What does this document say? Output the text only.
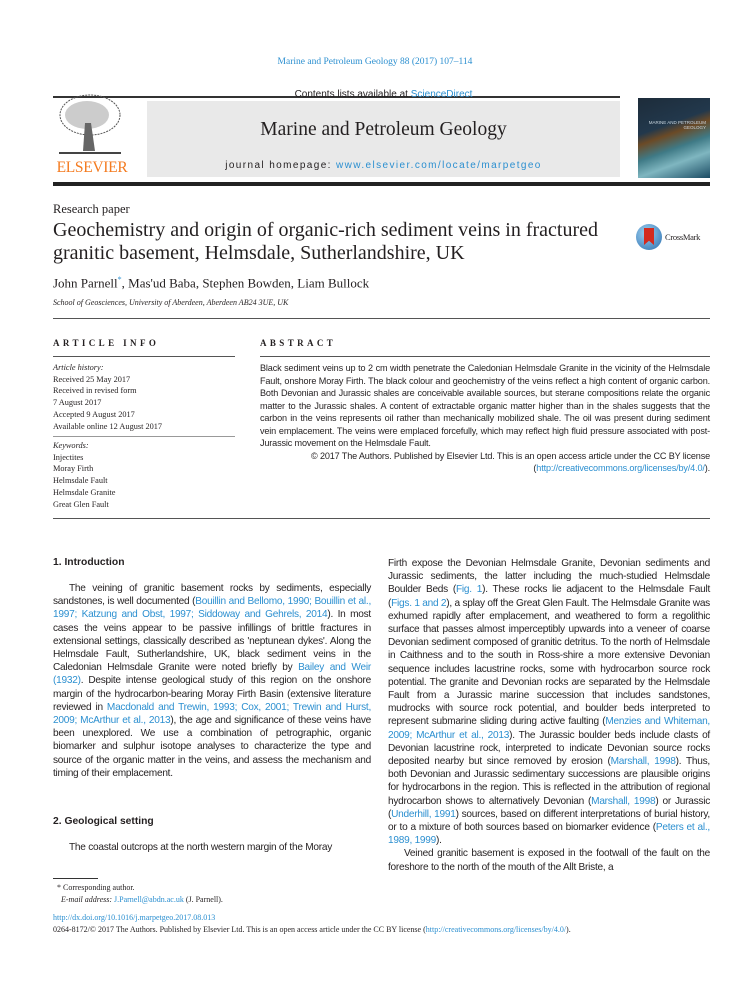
Marine and Petroleum Geology 88 (2017) 107–114
ELSEVIER
Contents lists available at ScienceDirect
Marine and Petroleum Geology
journal homepage: www.elsevier.com/locate/marpetgeo
MARINE AND PETROLEUM GEOLOGY
Research paper
Geochemistry and origin of organic-rich sediment veins in fractured granitic basement, Helmsdale, Sutherlandshire, UK
CrossMark
John Parnell*, Mas'ud Baba, Stephen Bowden, Liam Bullock
School of Geosciences, University of Aberdeen, Aberdeen AB24 3UE, UK
ARTICLE INFO	ABSTRACT
Article history:
Received 25 May 2017
Received in revised form
7 August 2017
Accepted 9 August 2017
Available online 12 August 2017
Keywords:
Injectites
Moray Firth
Helmsdale Fault
Helmsdale Granite
Great Glen Fault
Black sediment veins up to 2 cm width penetrate the Caledonian Helmsdale Granite in the vicinity of the Helmsdale Fault, onshore Moray Firth. The black colour and geochemistry of the veins reflect a high content of organic carbon. Both Devonian and Jurassic shales are conceivable available sources, but sterane compositions relate the organic matter to the Jurassic shales. A content of extractable organic matter higher than in the shales suggests that the carbon in the veins represents oil rather than mechanically mobilized shale. The oil was present during sediment vein emplacement. The veins were emplaced forcefully, which may reflect high fluid pressure associated with post-Jurassic movement on the Helmsdale Fault.
© 2017 The Authors. Published by Elsevier Ltd. This is an open access article under the CC BY license (http://creativecommons.org/licenses/by/4.0/).
1. Introduction

The veining of granitic basement rocks by sediments, especially sandstones, is well documented (Bouillin and Bellomo, 1990; Bouillin et al., 1997; Katzung and Obst, 1997; Siddoway and Gehrels, 2014). In most cases the veins appear to be passive infillings of brittle fractures in extensional settings, classically described as 'neptunean dykes'. Along the Helmsdale Fault, Sutherlandshire, UK, black sediment veins in the Caledonian Helmsdale Granite were noted briefly by Bailey and Weir (1932). Despite intense geological study of this region on the onshore margin of the hydrocarbon-bearing Moray Firth Basin (extensive literature reviewed in Macdonald and Trewin, 1993; Cox, 2001; Trewin and Hurst, 2009; McArthur et al., 2013), the age and significance of these veins have been unexplored. We use a combination of petrographic, organic biomarker and sulphur isotope analyses to characterize the type and source of the organic matter in the veins, and assess the mechanism and timing of their emplacement.

2. Geological setting

The coastal outcrops at the north western margin of the Moray

Firth expose the Devonian Helmsdale Granite, Devonian sediments and Jurassic sediments, the latter including the much-studied Helmsdale Boulder Beds (Fig. 1). These rocks lie adjacent to the Helmsdale Fault (Figs. 1 and 2), a splay off the Great Glen Fault. The Helmsdale Granite was exhumed rapidly after emplacement, and weathered to form a regolithic surface that passes almost imperceptibly upwards into a veneer of coarse Devonian sediment composed of granitic detritus. To the north of Helmsdale in Caithness and to the south in Ross-shire a more extensive Devonian sequence includes lacustrine rocks, some with hydrocarbon source rock potential. The granite and Devonian rocks are separated by the Helmsdale Fault from a Jurassic marine succession that includes sandstones, mudrocks with source rock potential, and boulder beds interpreted to represent submarine sliding during active faulting (Menzies and Whiteman, 2009; McArthur et al., 2013). The Jurassic boulder beds include clasts of Devonian lacustrine rock, interpreted to indicate Devonian source rocks deposited nearby but since removed by erosion (Marshall, 1998). Thus, both Devonian and Jurassic sedimentary successions are plausible origins for hydrocarbons in the region. This is reflected in the attribution of regional hydrocarbon shows to alternatively Devonian (Marshall, 1998) or Jurassic (Underhill, 1991) sources, based on different interpretations of burial history, or to a mixture of both sources based on biomarker evidence (Peters et al., 1989, 1999).

Veined granitic basement is exposed in the footwall of the fault on the foreshore to the north of the mouth of the Allt Briste, a

* Corresponding author.
E-mail address: J.Parnell@abdn.ac.uk (J. Parnell).
http://dx.doi.org/10.1016/j.marpetgeo.2017.08.013
0264-8172/© 2017 The Authors. Published by Elsevier Ltd. This is an open access article under the CC BY license (http://creativecommons.org/licenses/by/4.0/).
